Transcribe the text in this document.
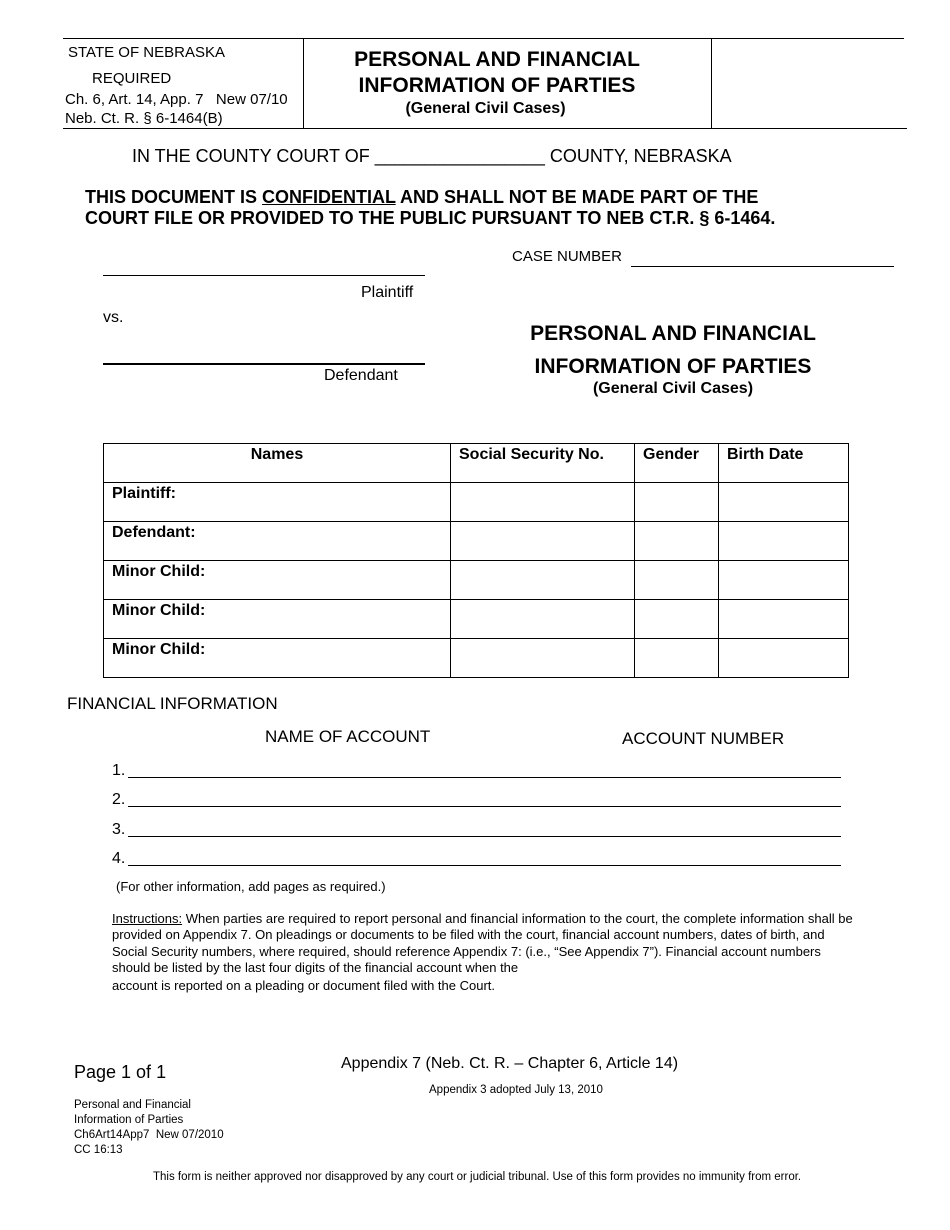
STATE OF NEBRASKA
REQUIRED
Ch. 6, Art. 14, App. 7   New 07/10
Neb. Ct. R. § 6-1464(B)
PERSONAL AND FINANCIAL
INFORMATION OF PARTIES
(General Civil Cases)
IN THE COUNTY COURT OF _________________ COUNTY, NEBRASKA
THIS DOCUMENT IS CONFIDENTIAL AND SHALL NOT BE MADE PART OF THE
COURT FILE OR PROVIDED TO THE PUBLIC PURSUANT TO NEB CT.R. § 6-1464.
CASE NUMBER
Plaintiff
vs.
Defendant
PERSONAL AND FINANCIAL
INFORMATION OF PARTIES
(General Civil Cases)
Names	Social Security No.	Gender	Birth Date
Plaintiff:			
Defendant:			
Minor Child:			
Minor Child:			
Minor Child:			
FINANCIAL INFORMATION
NAME OF ACCOUNT	ACCOUNT NUMBER
1.
2.
3.
4.
(For other information, add pages as required.)
Instructions: When parties are required to report personal and financial information to the court, the complete information shall be provided on Appendix 7. On pleadings or documents to be filed with the court, financial account numbers, dates of birth, and Social Security numbers, where required, should reference Appendix 7: (i.e., “See Appendix 7”). Financial account numbers should be listed by the last four digits of the financial account when the
account is reported on a pleading or document filed with the Court.
Page 1 of 1	Appendix 7 (Neb. Ct. R. – Chapter 6, Article 14)
Appendix 3 adopted July 13, 2010
Personal and Financial
Information of Parties
Ch6Art14App7  New 07/2010
CC 16:13
This form is neither approved nor disapproved by any court or judicial tribunal. Use of this form provides no immunity from error.
